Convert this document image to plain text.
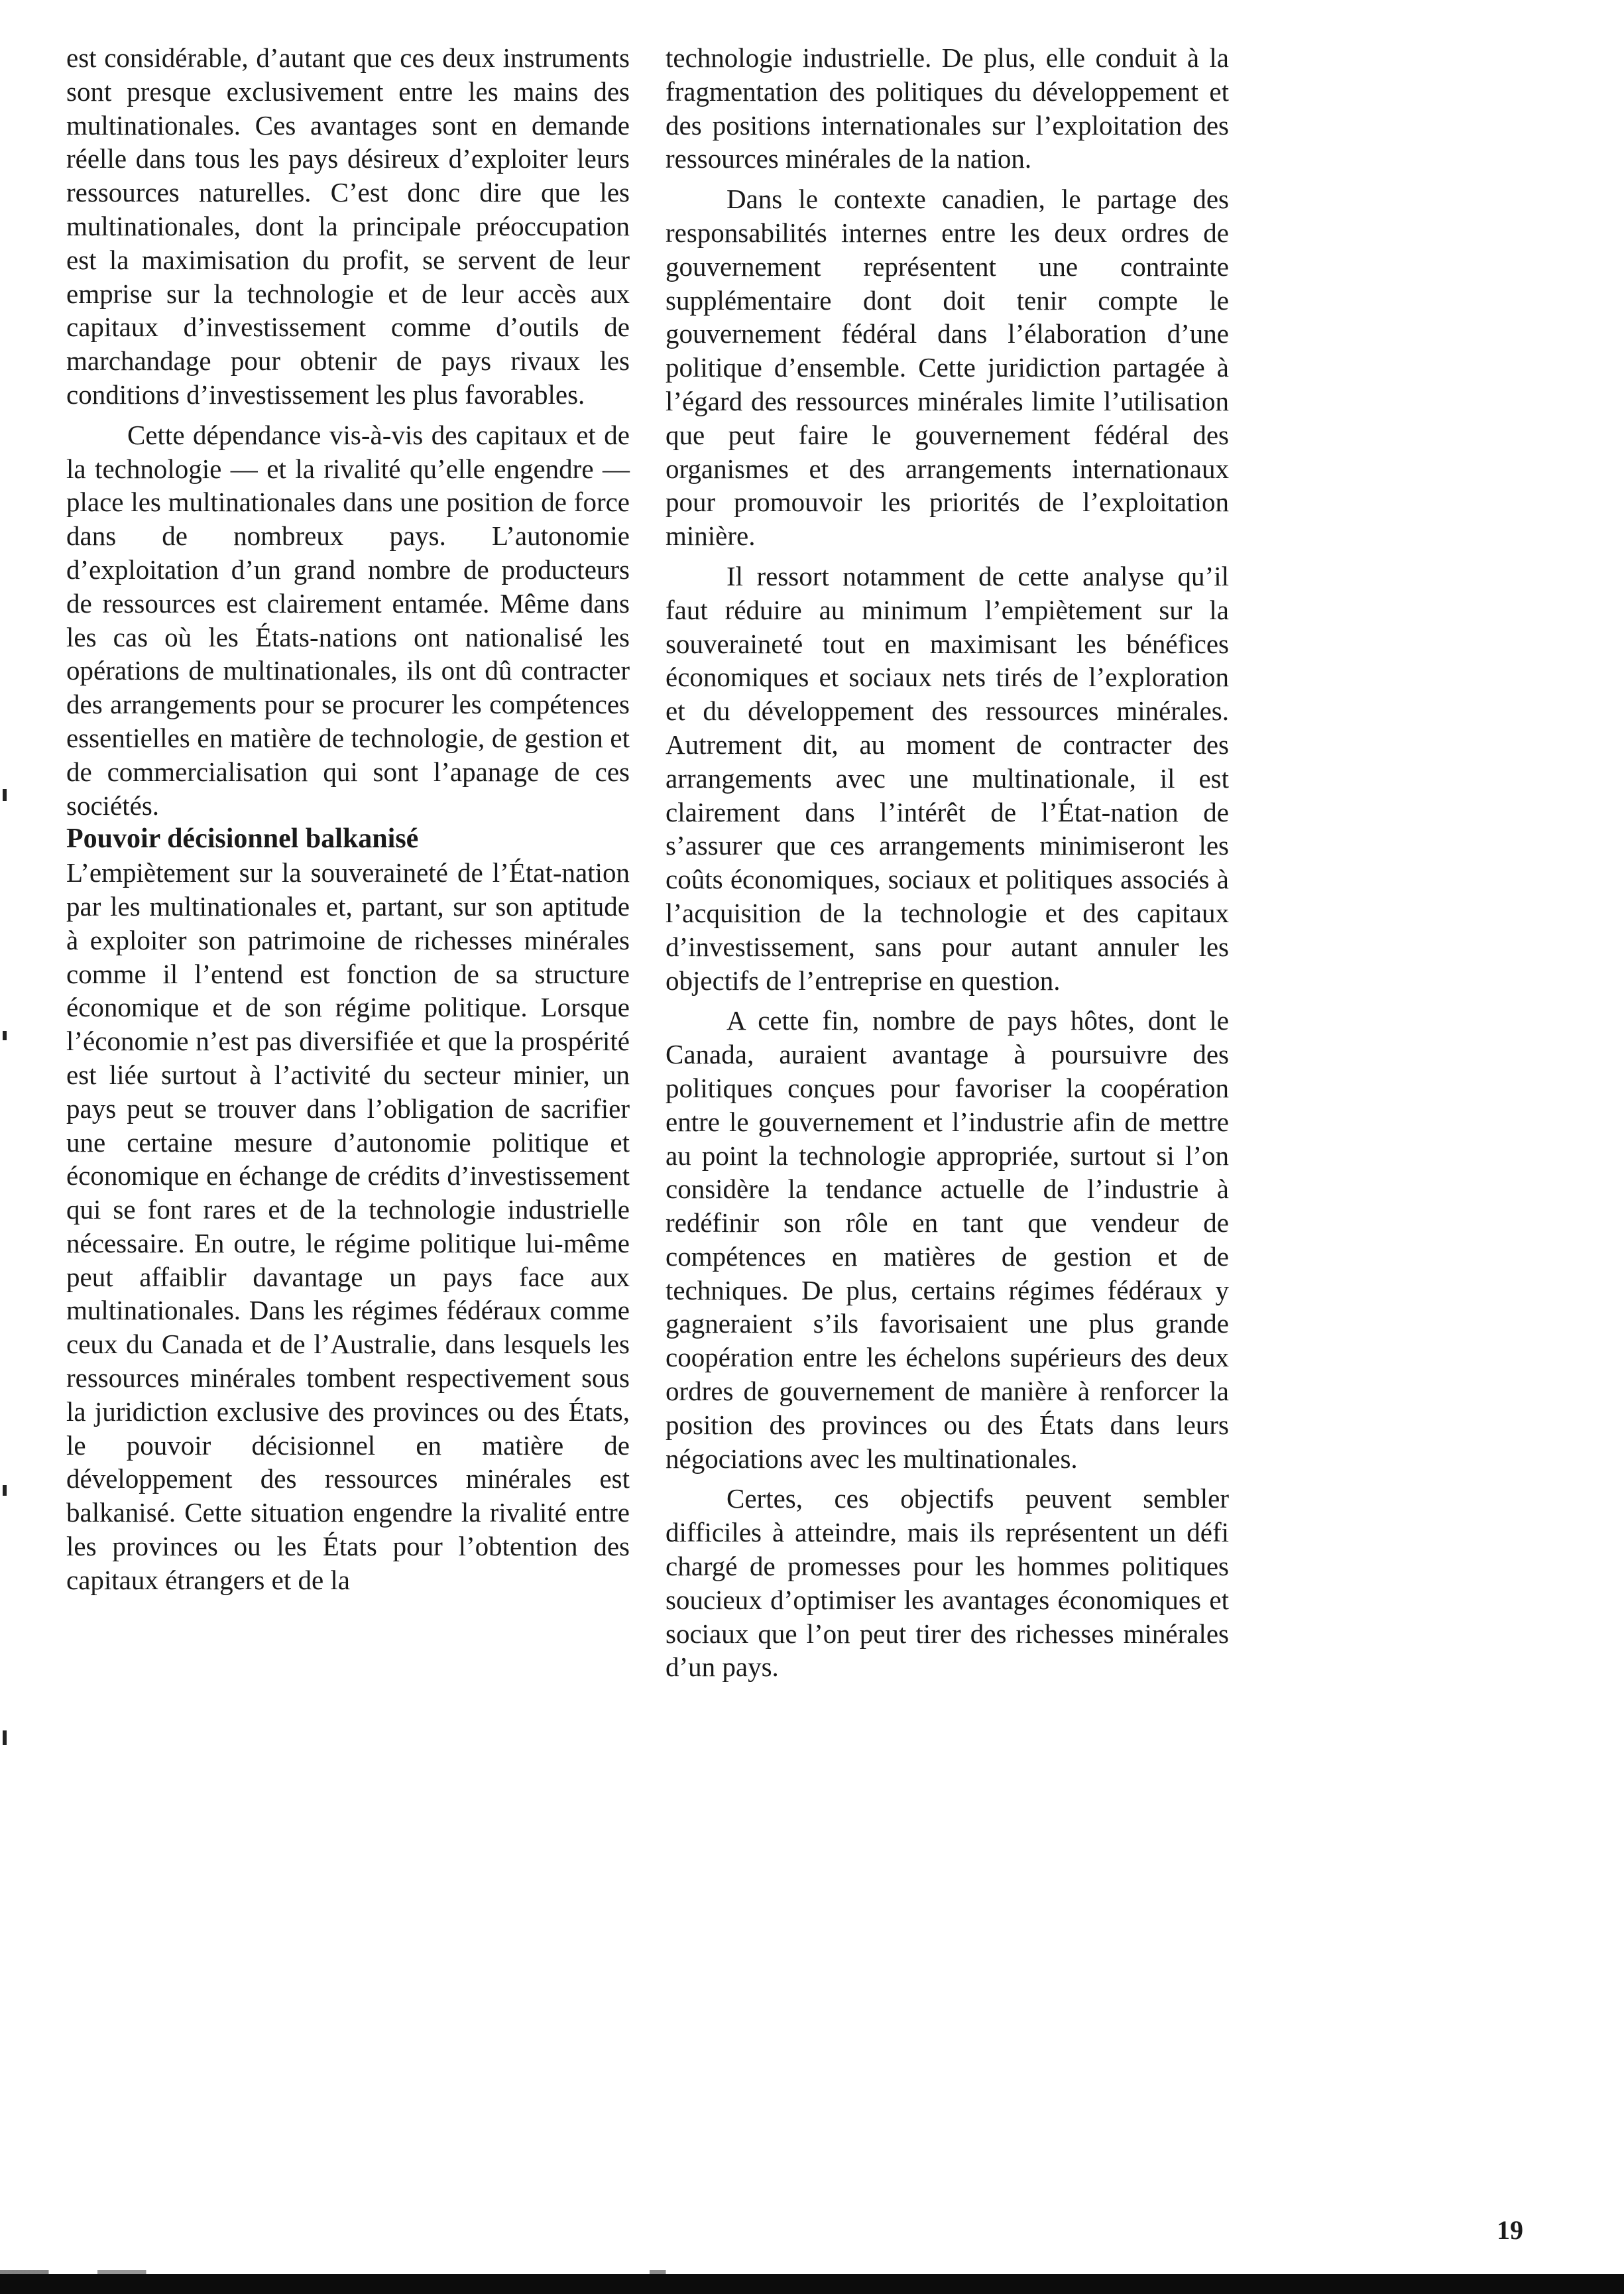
est considérable, d’autant que ces deux instruments sont presque exclusivement entre les mains des multinationales. Ces avantages sont en demande réelle dans tous les pays désireux d’exploiter leurs ressources naturelles. C’est donc dire que les multinationales, dont la principale préoccupation est la maximisation du profit, se servent de leur emprise sur la technologie et de leur accès aux capitaux d’investissement comme d’outils de marchandage pour obtenir de pays rivaux les conditions d’investissement les plus favorables.

Cette dépendance vis-à-vis des capitaux et de la technologie — et la rivalité qu’elle engendre — place les multinationales dans une position de force dans de nombreux pays. L’autonomie d’exploitation d’un grand nombre de producteurs de ressources est clairement entamée. Même dans les cas où les États-nations ont nationalisé les opérations de multinationales, ils ont dû contracter des arrangements pour se procurer les compétences essentielles en matière de technologie, de gestion et de commercialisation qui sont l’apanage de ces sociétés.

Pouvoir décisionnel balkanisé

L’empiètement sur la souveraineté de l’État-nation par les multinationales et, partant, sur son aptitude à exploiter son patrimoine de richesses minérales comme il l’entend est fonction de sa structure économique et de son régime politique. Lorsque l’économie n’est pas diversifiée et que la prospérité est liée surtout à l’activité du secteur minier, un pays peut se trouver dans l’obligation de sacrifier une certaine mesure d’autonomie politique et économique en échange de crédits d’investissement qui se font rares et de la technologie industrielle nécessaire. En outre, le régime politique lui-même peut affaiblir davantage un pays face aux multinationales. Dans les régimes fédéraux comme ceux du Canada et de l’Australie, dans lesquels les ressources minérales tombent respectivement sous la juridiction exclusive des provinces ou des États, le pouvoir décisionnel en matière de développement des ressources minérales est balkanisé. Cette situation engendre la rivalité entre les provinces ou les États pour l’obtention des capitaux étrangers et de la

technologie industrielle. De plus, elle conduit à la fragmentation des politiques du développement et des positions internationales sur l’exploitation des ressources minérales de la nation.

Dans le contexte canadien, le partage des responsabilités internes entre les deux ordres de gouvernement représentent une contrainte supplémentaire dont doit tenir compte le gouvernement fédéral dans l’élaboration d’une politique d’ensemble. Cette juridiction partagée à l’égard des ressources minérales limite l’utilisation que peut faire le gouvernement fédéral des organismes et des arrangements internationaux pour promouvoir les priorités de l’exploitation minière.

Il ressort notamment de cette analyse qu’il faut réduire au minimum l’empiètement sur la souveraineté tout en maximisant les bénéfices économiques et sociaux nets tirés de l’exploration et du développement des ressources minérales. Autrement dit, au moment de contracter des arrangements avec une multinationale, il est clairement dans l’intérêt de l’État-nation de s’assurer que ces arrangements minimiseront les coûts économiques, sociaux et politiques associés à l’acquisition de la technologie et des capitaux d’investissement, sans pour autant annuler les objectifs de l’entreprise en question.

A cette fin, nombre de pays hôtes, dont le Canada, auraient avantage à poursuivre des politiques conçues pour favoriser la coopération entre le gouvernement et l’industrie afin de mettre au point la technologie appropriée, surtout si l’on considère la tendance actuelle de l’industrie à redéfinir son rôle en tant que vendeur de compétences en matières de gestion et de techniques. De plus, certains régimes fédéraux y gagneraient s’ils favorisaient une plus grande coopération entre les échelons supérieurs des deux ordres de gouvernement de manière à renforcer la position des provinces ou des États dans leurs négociations avec les multinationales.

Certes, ces objectifs peuvent sembler difficiles à atteindre, mais ils représentent un défi chargé de promesses pour les hommes politiques soucieux d’optimiser les avantages économiques et sociaux que l’on peut tirer des richesses minérales d’un pays.

19
